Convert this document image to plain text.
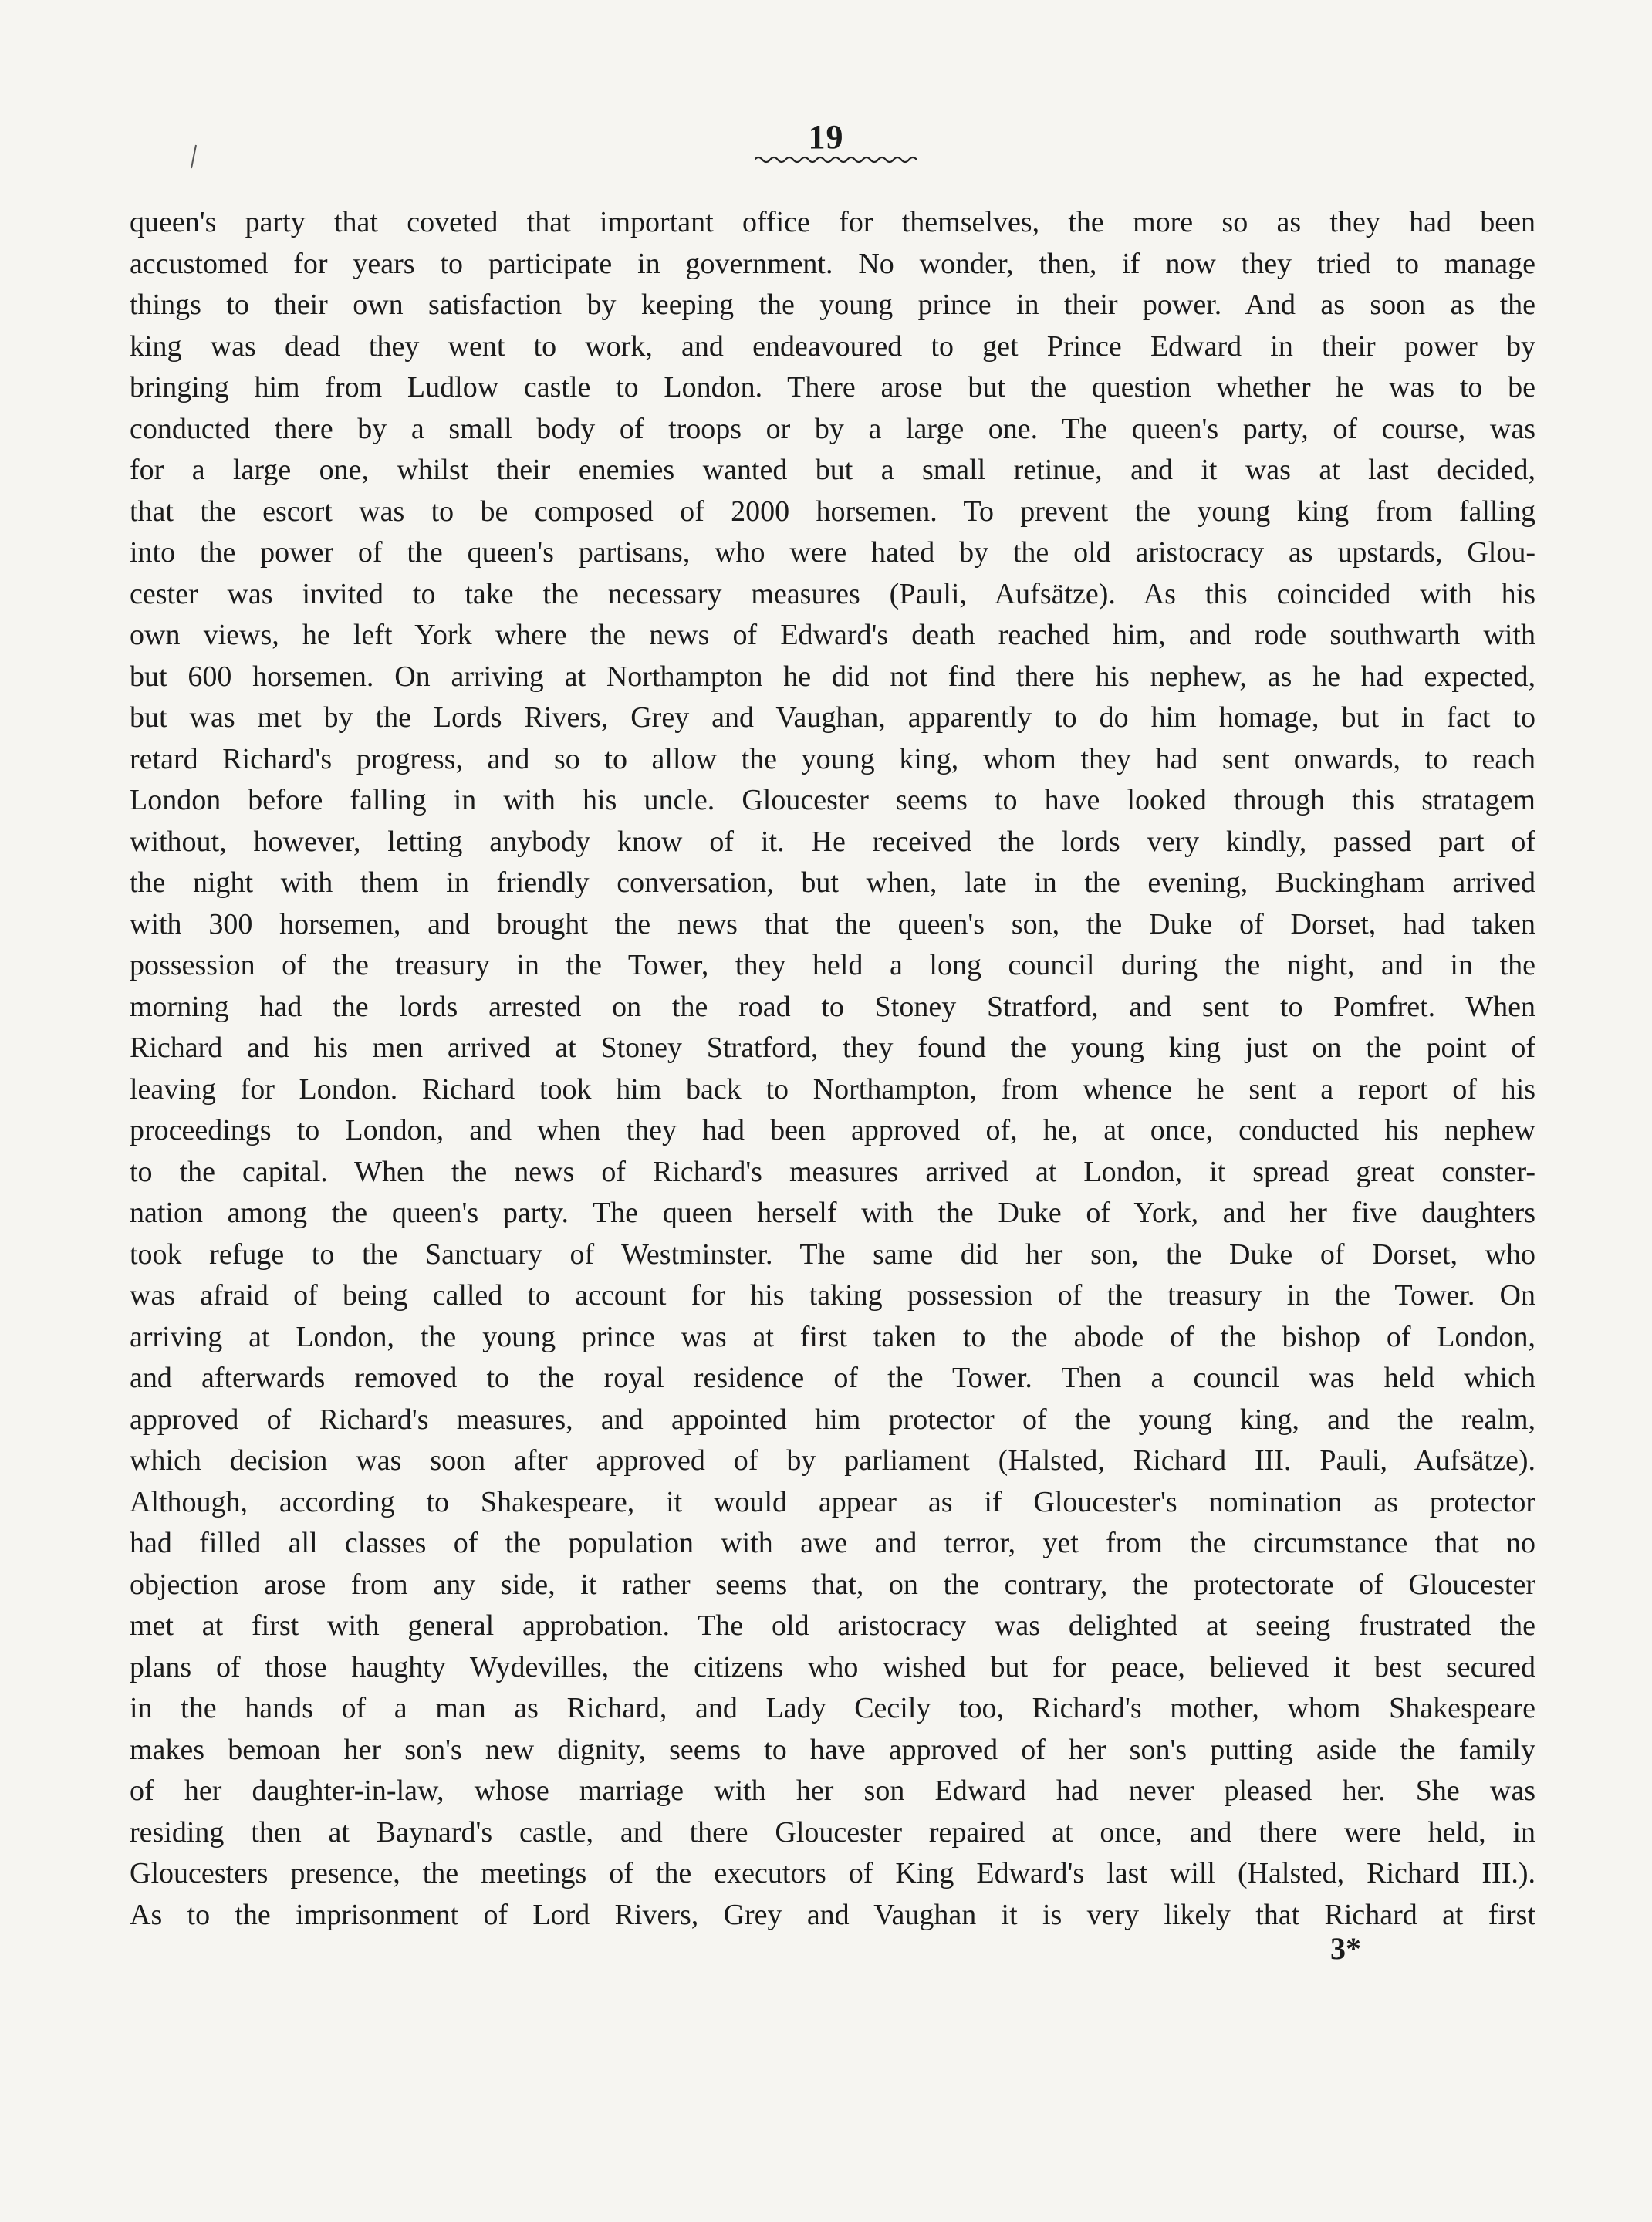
19
queen's party that coveted that important office for themselves, the more so as they had been
accustomed for years to participate in government. No wonder, then, if now they tried to manage
things to their own satisfaction by keeping the young prince in their power. And as soon as the
king was dead they went to work, and endeavoured to get Prince Edward in their power by
bringing him from Ludlow castle to London. There arose but the question whether he was to be
conducted there by a small body of troops or by a large one. The queen's party, of course, was
for a large one, whilst their enemies wanted but a small retinue, and it was at last decided,
that the escort was to be composed of 2000 horsemen. To prevent the young king from falling
into the power of the queen's partisans, who were hated by the old aristocracy as upstards, Glou-
cester was invited to take the necessary measures (Pauli, Aufsätze). As this coincided with his
own views, he left York where the news of Edward's death reached him, and rode southwarth with
but 600 horsemen. On arriving at Northampton he did not find there his nephew, as he had expected,
but was met by the Lords Rivers, Grey and Vaughan, apparently to do him homage, but in fact to
retard Richard's progress, and so to allow the young king, whom they had sent onwards, to reach
London before falling in with his uncle. Gloucester seems to have looked through this stratagem
without, however, letting anybody know of it. He received the lords very kindly, passed part of
the night with them in friendly conversation, but when, late in the evening, Buckingham arrived
with 300 horsemen, and brought the news that the queen's son, the Duke of Dorset, had taken
possession of the treasury in the Tower, they held a long council during the night, and in the
morning had the lords arrested on the road to Stoney Stratford, and sent to Pomfret. When
Richard and his men arrived at Stoney Stratford, they found the young king just on the point of
leaving for London. Richard took him back to Northampton, from whence he sent a report of his
proceedings to London, and when they had been approved of, he, at once, conducted his nephew
to the capital. When the news of Richard's measures arrived at London, it spread great conster-
nation among the queen's party. The queen herself with the Duke of York, and her five daughters
took refuge to the Sanctuary of Westminster. The same did her son, the Duke of Dorset, who
was afraid of being called to account for his taking possession of the treasury in the Tower. On
arriving at London, the young prince was at first taken to the abode of the bishop of London,
and afterwards removed to the royal residence of the Tower. Then a council was held which
approved of Richard's measures, and appointed him protector of the young king, and the realm,
which decision was soon after approved of by parliament (Halsted, Richard III. Pauli, Aufsätze).
Although, according to Shakespeare, it would appear as if Gloucester's nomination as protector
had filled all classes of the population with awe and terror, yet from the circumstance that no
objection arose from any side, it rather seems that, on the contrary, the protectorate of Gloucester
met at first with general approbation. The old aristocracy was delighted at seeing frustrated the
plans of those haughty Wydevilles, the citizens who wished but for peace, believed it best secured
in the hands of a man as Richard, and Lady Cecily too, Richard's mother, whom Shakespeare
makes bemoan her son's new dignity, seems to have approved of her son's putting aside the family
of her daughter-in-law, whose marriage with her son Edward had never pleased her. She was
residing then at Baynard's castle, and there Gloucester repaired at once, and there were held, in
Gloucesters presence, the meetings of the executors of King Edward's last will (Halsted, Richard III.).
As to the imprisonment of Lord Rivers, Grey and Vaughan it is very likely that Richard at first
3*
